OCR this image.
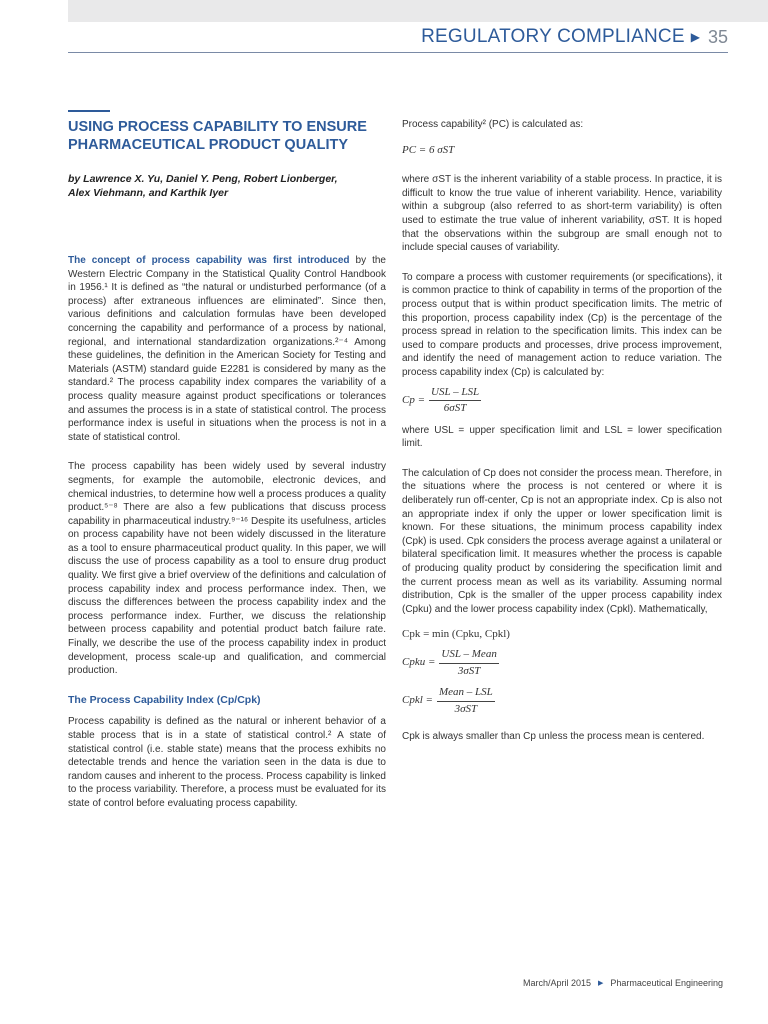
REGULATORY COMPLIANCE ▶ 35
USING PROCESS CAPABILITY TO ENSURE PHARMACEUTICAL PRODUCT QUALITY
by Lawrence X. Yu, Daniel Y. Peng, Robert Lionberger,
Alex Viehmann, and Karthik Iyer

The concept of process capability was first introduced by the Western Electric Company in the Statistical Quality Control Handbook in 1956.¹ It is defined as “the natural or undisturbed performance (of a process) after extraneous influences are eliminated”. Since then, various definitions and calculation formulas have been developed concerning the capability and performance of a process by national, regional, and international standardization organizations.²⁻⁴ Among these guidelines, the definition in the American Society for Testing and Materials (ASTM) standard guide E2281 is considered by many as the standard.² The process capability index compares the variability of a process quality measure against product specifications or tolerances and assumes the process is in a state of statistical control. The process performance index is useful in situations when the process is not in a state of statistical control.

The process capability has been widely used by several industry segments, for example the automobile, electronic devices, and chemical industries, to determine how well a process produces a quality product.⁵⁻⁸ There are also a few publications that discuss process capability in pharmaceutical industry.⁹⁻¹⁶ Despite its usefulness, articles on process capability have not been widely discussed in the literature as a tool to ensure pharmaceutical product quality. In this paper, we will discuss the use of process capability as a tool to ensure drug product quality. We first give a brief overview of the definitions and calculation of process capability index and process performance index. Then, we discuss the differences between the process capability index and the process performance index. Further, we discuss the relationship between process capability and potential product batch failure rate. Finally, we describe the use of the process capability index in product development, process scale-up and qualification, and commercial production.

The Process Capability Index (Cp/Cpk)

Process capability is defined as the natural or inherent behavior of a stable process that is in a state of statistical control.² A state of statistical control (i.e. stable state) means that the process exhibits no detectable trends and hence the variation seen in the data is due to random causes and inherent to the process. Process capability is linked to the process variability. Therefore, a process must be evaluated for its state of control before evaluating process capability.

Process capability² (PC) is calculated as:

PC = 6 σST

where σST is the inherent variability of a stable process. In practice, it is difficult to know the true value of inherent variability. Hence, variability within a subgroup (also referred to as short-term variability) is often used to estimate the true value of inherent variability, σST. It is hoped that the observations within the subgroup are small enough not to include special causes of variability.

To compare a process with customer requirements (or specifications), it is common practice to think of capability in terms of the proportion of the process output that is within product specification limits. The metric of this proportion, process capability index (Cp) is the percentage of the process spread in relation to the specification limits. This index can be used to compare products and processes, drive process improvement, and identify the need of management action to reduce variation. The process capability index (Cp) is calculated by:

$Cp = \frac{\text{USL – LSL}}{\text{6σST}}$

where USL = upper specification limit and LSL = lower specification limit.

The calculation of Cp does not consider the process mean. Therefore, in the situations where the process is not centered or where it is deliberately run off-center, Cp is not an appropriate index. Cp is also not an appropriate index if only the upper or lower specification limit is known. For these situations, the minimum process capability index (Cpk) is used. Cpk considers the process average against a unilateral or bilateral specification limit. It measures whether the process is capable of producing quality product by considering the specification limit and the current process mean as well as its variability. Assuming normal distribution, Cpk is the smaller of the upper process capability index (Cpku) and the lower process capability index (Cpkl). Mathematically,

Cpk = min (Cpku, Cpkl)
Cpku = $\frac{\text{USL – Mean}}{\text{3σST}}$
Cpkl = $\frac{\text{Mean – LSL}}{\text{3σST}}$

Cpk is always smaller than Cp unless the process mean is centered.

March/April 2015 ▶ Pharmaceutical Engineering
